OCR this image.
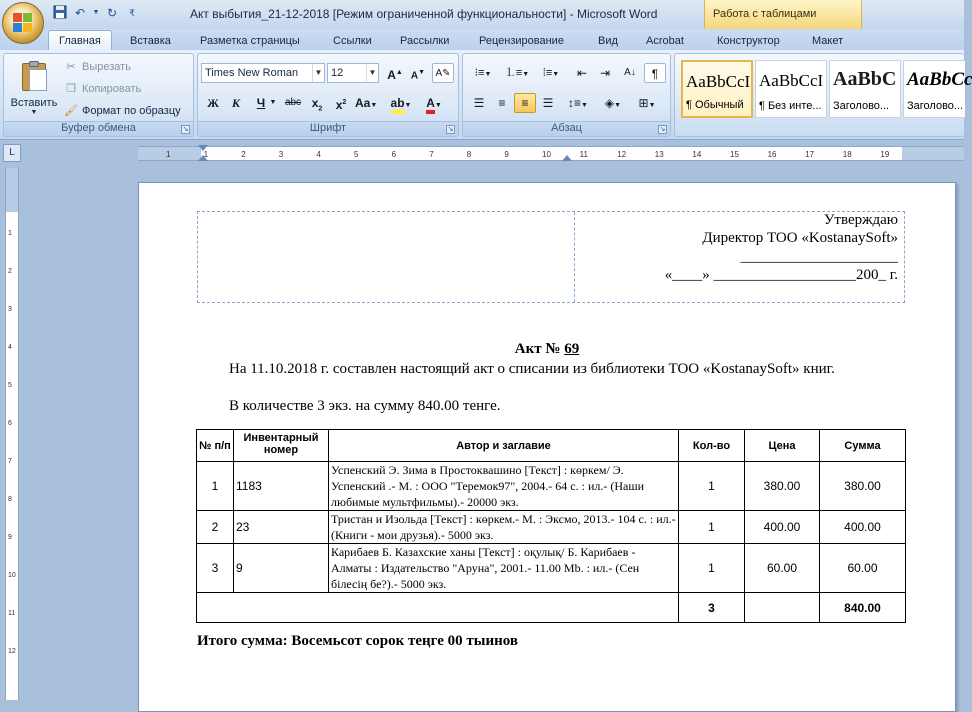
↶	▼ ↻	₹	Акт выбытия_21-12-2018 [Режим ограниченной функциональности] - Microsoft Word	Работа с таблицами
Главная	Вставка	Разметка страницы	Ссылки	Рассылки	Рецензирование	Вид	Acrobat	Конструктор	Макет
Вставить
▼
✂ Вырезать
❐ Копировать
🖌 Формат по образцу
Буфер обмена	↘
Times New Roman	▼ 12	▼ A▲ A▼	A✎
Ж	К	Ч ▼ abc $x_2$	$x^2$ Aa▼ ab▼ A▼
Шрифт	↘
⁝≡▼	⒈≡▼	⁞≡▼	⇤	⇥	A↓	¶
☰	≡	≡	☰	↕≡▼	◈▼	⊞▼
Абзац	↘
AaBbCcI
¶ Обычный
AaBbCcI
¶ Без инте...
AaBbC
Заголово...
AaBbCc
Заголово...
L	1	1	2	3	4	5	6	7	8	9	10	11	12	13	14	15	16	17	18	19
1
2
3
4
5
6
7
8
9
10
11
12
Утверждаю
Директор ТОО «KostanaySoft»
_____________________
«____» ___________________200_ г.
Акт № 69
На 11.10.2018 г. составлен настоящий акт о списании из библиотеки ТОО «KostanaySoft» книг.
В количестве 3 экз. на сумму 840.00 тенге.
№ п/п	Инвентарный номер	Автор и заглавие	Кол-во	Цена	Сумма
1	1183	Успенский Э. Зима в Простоквашино [Текст] : көркем/ Э. Успенский .- М. : ООО "Теремок97", 2004.- 64 с. : ил.- (Наши любимые мультфильмы).- 20000 экз.	1	380.00	380.00
2	23	Тристан и Изольда [Текст] : көркем.- М. : Эксмо, 2013.- 104 с. : ил.- (Книги - мои друзья).- 5000 экз.	1	400.00	400.00
3	9	Карибаев Б. Казахские ханы [Текст] : оқулық/ Б. Карибаев - Алматы : Издательство "Аруна", 2001.- 11.00 Mb. : ил.- (Сен білесің бе?).- 5000 экз.	1	60.00	60.00
			3		840.00
Итого сумма: Восемьсот сорок теңге 00 тыинов
